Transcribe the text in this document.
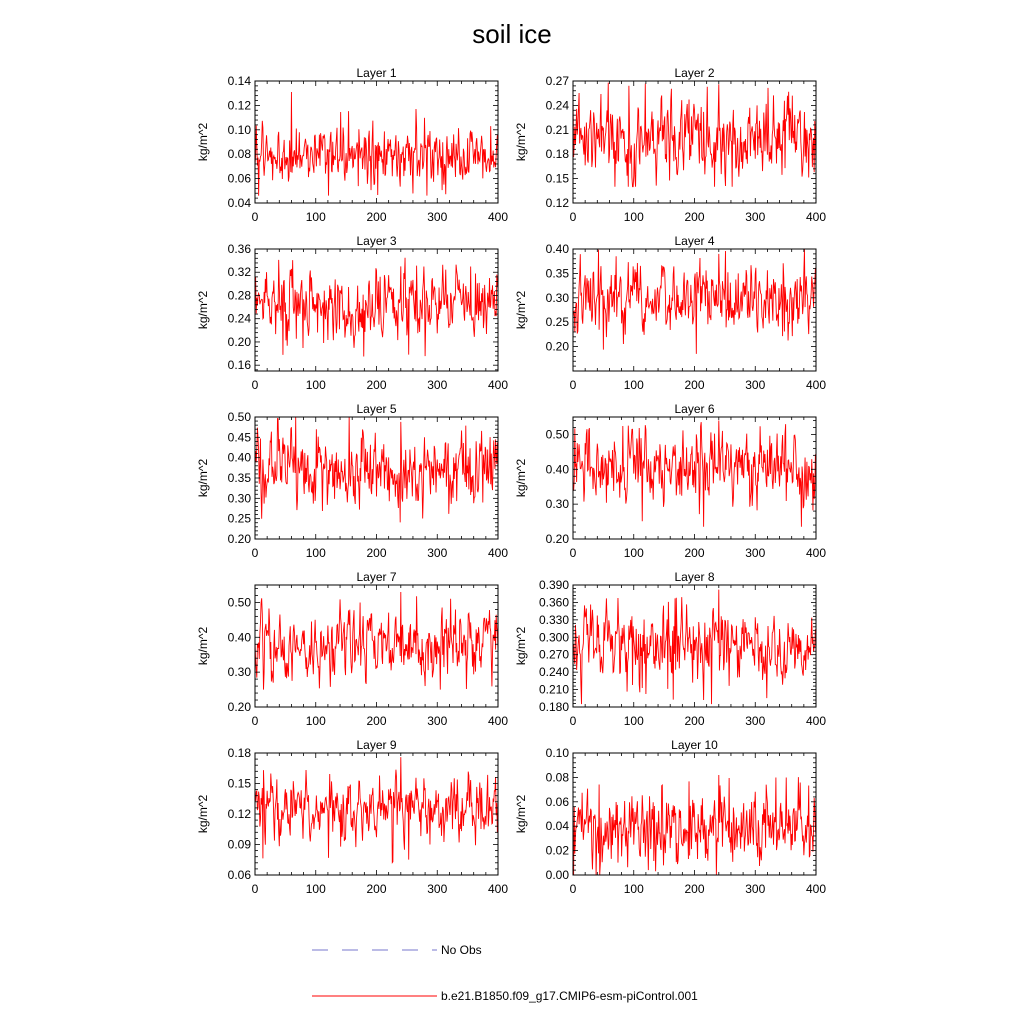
soil ice
Layer 1
0	100	200	300	400
0.04
0.06
0.08
0.10
0.12
0.14
kg/m^2
Layer 2
0	100	200	300	400
0.12
0.15
0.18
0.21
0.24
0.27
kg/m^2
Layer 3
0	100	200	300	400
0.16
0.20
0.24
0.28
0.32
0.36
kg/m^2
Layer 4
0	100	200	300	400
0.20
0.25
0.30
0.35
0.40
kg/m^2
Layer 5
0	100	200	300	400
0.20
0.25
0.30
0.35
0.40
0.45
0.50
kg/m^2
Layer 6
0	100	200	300	400
0.20
0.30
0.40
0.50
kg/m^2
Layer 7
0	100	200	300	400
0.20
0.30
0.40
0.50
kg/m^2
Layer 8
0	100	200	300	400
0.180
0.210
0.240
0.270
0.300
0.330
0.360
0.390
kg/m^2
Layer 9
0	100	200	300	400
0.06
0.09
0.12
0.15
0.18
kg/m^2
Layer 10
0	100	200	300	400
0.00
0.02
0.04
0.06
0.08
0.10
kg/m^2
No Obs
b.e21.B1850.f09_g17.CMIP6-esm-piControl.001
